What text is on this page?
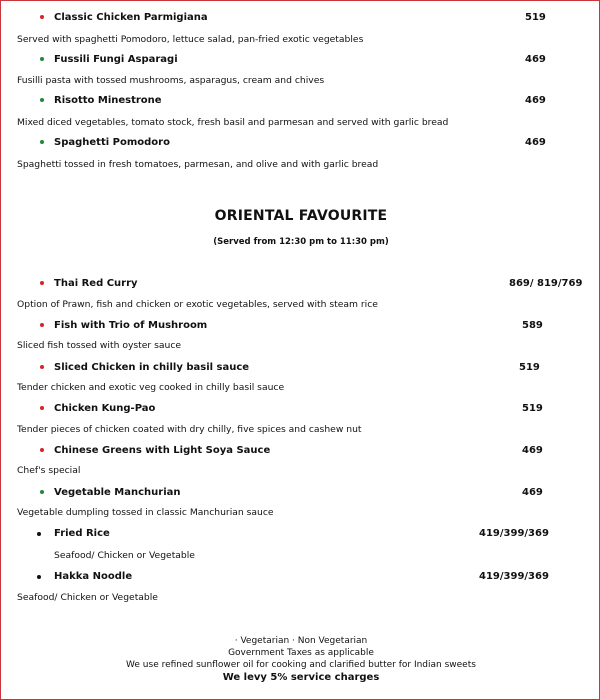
Classic Chicken Parmigiana	519
Served with spaghetti Pomodoro, lettuce salad, pan-fried exotic vegetables
Fussili Fungi Asparagi	469
Fusilli pasta with tossed mushrooms, asparagus, cream and chives
Risotto Minestrone	469
Mixed diced vegetables, tomato stock, fresh basil and parmesan and served with garlic bread
Spaghetti Pomodoro	469
Spaghetti tossed in fresh tomatoes, parmesan, and olive and with garlic bread
ORIENTAL FAVOURITE
(Served from 12:30 pm to 11:30 pm)
Thai Red Curry	869/ 819/769
Option of Prawn, fish and chicken or exotic vegetables, served with steam rice
Fish with Trio of Mushroom	589
Sliced fish tossed with oyster sauce
Sliced Chicken in chilly basil sauce	519
Tender chicken and exotic veg cooked in chilly basil sauce
Chicken Kung-Pao	519
Tender pieces of chicken coated with dry chilly, five spices and cashew nut
Chinese Greens with Light Soya Sauce	469
Chef's special
Vegetable Manchurian	469
Vegetable dumpling tossed in classic Manchurian sauce
Fried Rice	419/399/369
Seafood/ Chicken or Vegetable
Hakka Noodle	419/399/369
Seafood/ Chicken or Vegetable
· Vegetarian · Non Vegetarian
Government Taxes as applicable
We use refined sunflower oil for cooking and clarified butter for Indian sweets
We levy 5% service charges
